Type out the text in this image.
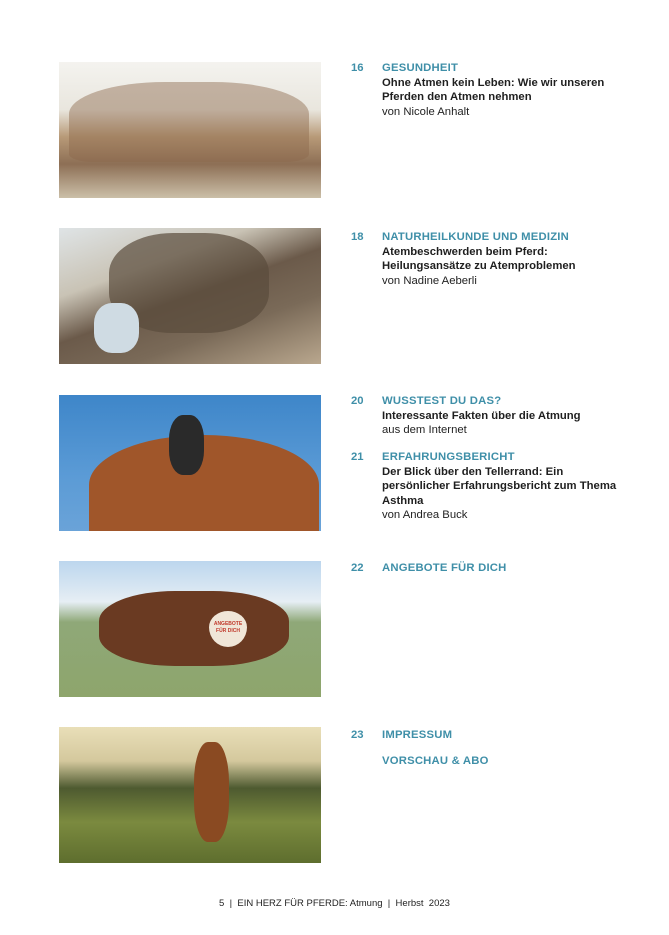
ANGEBOTE FÜR DICH
16 GESUNDHEIT
Ohne Atmen kein Leben: Wie wir unseren Pferden den Atmen nehmen
von Nicole Anhalt
18 NATURHEILKUNDE UND MEDIZIN
Atembeschwerden beim Pferd: Heilungsansätze zu Atemproblemen
von Nadine Aeberli
20 WUSSTEST DU DAS?
Interessante Fakten über die Atmung
aus dem Internet
21 ERFAHRUNGSBERICHT
Der Blick über den Tellerrand: Ein persönlicher Erfahrungsbericht zum Thema Asthma
von Andrea Buck
22 ANGEBOTE FÜR DICH
23 IMPRESSUM
VORSCHAU & ABO
5  |  EIN HERZ FÜR PFERDE: Atmung  |  Herbst  2023
